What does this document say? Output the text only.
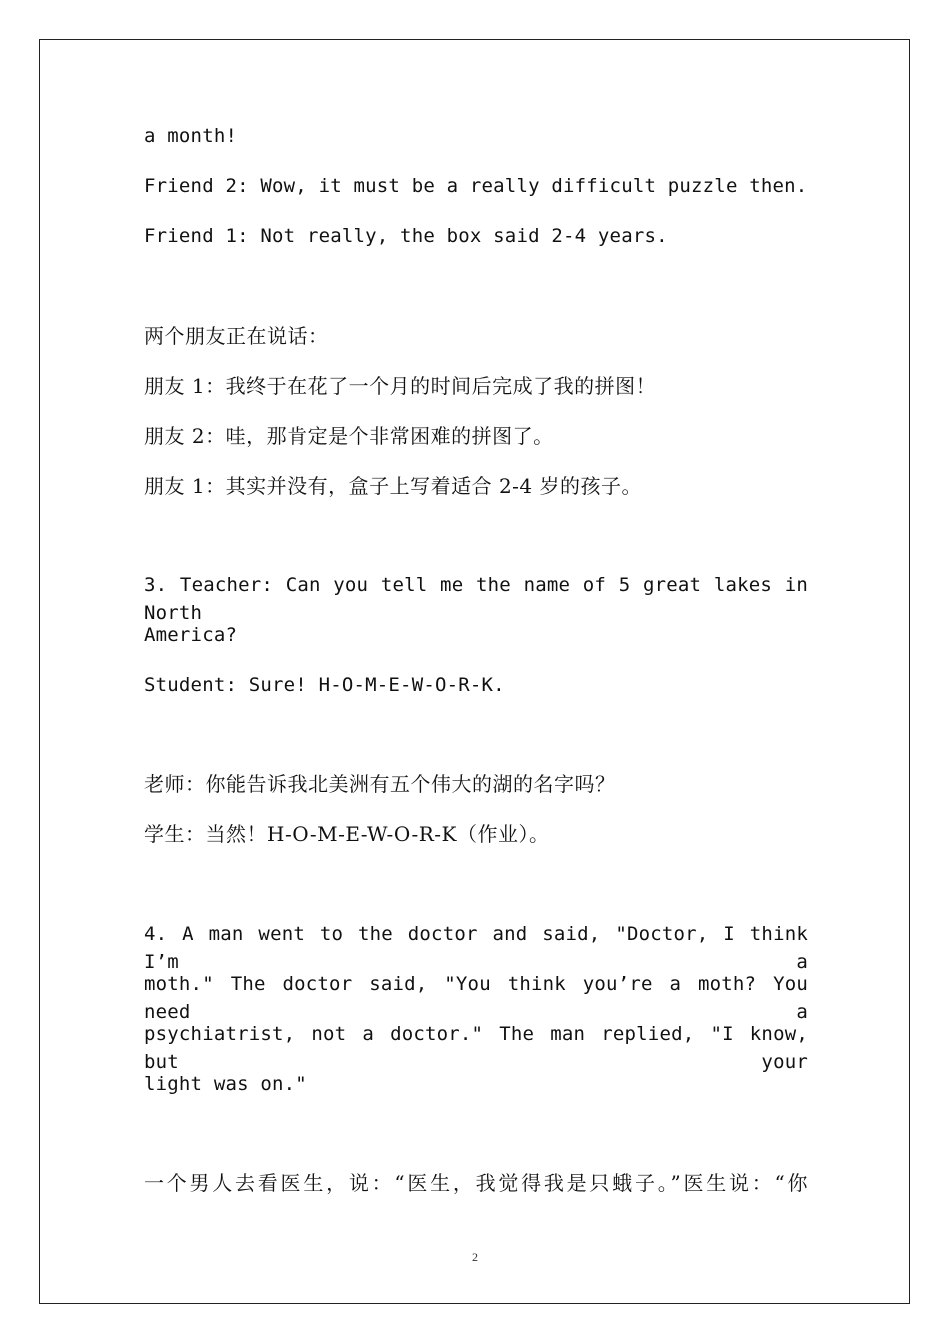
a month!
Friend 2: Wow, it must be a really difficult puzzle then.
Friend 1: Not really, the box said 2-4 years.
两个朋友正在说话：
朋友 1：我终于在花了一个月的时间后完成了我的拼图！
朋友 2：哇，那肯定是个非常困难的拼图了。
朋友 1：其实并没有，盒子上写着适合 2-4 岁的孩子。
3. Teacher: Can you tell me the name of 5 great lakes in North
America?
Student: Sure! H-O-M-E-W-O-R-K.
老师：你能告诉我北美洲有五个伟大的湖的名字吗？
学生：当然！H-O-M-E-W-O-R-K（作业）。
4. A man went to the doctor and said, "Doctor, I think I’m a
moth." The doctor said, "You think you’re a moth? You need a
psychiatrist, not a doctor." The man replied, "I know, but your
light was on."
一个男人去看医生，说：“医生，我觉得我是只蛾子。”医生说：“你
2
